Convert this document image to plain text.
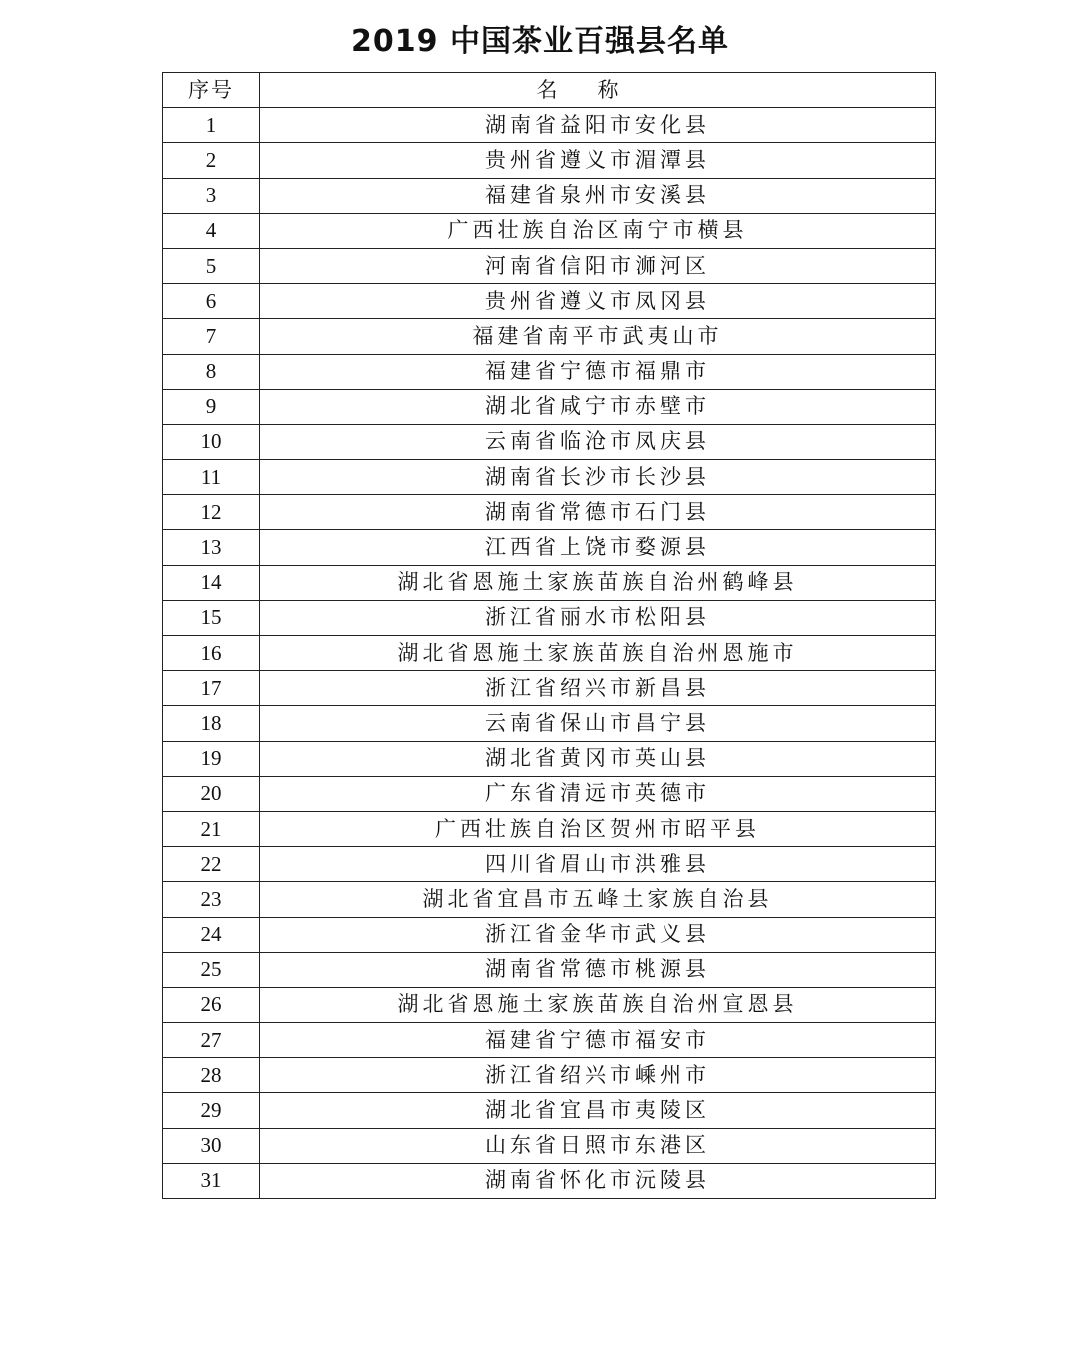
2019 中国茶业百强县名单
序号	名称
1	湖南省益阳市安化县
2	贵州省遵义市湄潭县
3	福建省泉州市安溪县
4	广西壮族自治区南宁市横县
5	河南省信阳市浉河区
6	贵州省遵义市凤冈县
7	福建省南平市武夷山市
8	福建省宁德市福鼎市
9	湖北省咸宁市赤壁市
10	云南省临沧市凤庆县
11	湖南省长沙市长沙县
12	湖南省常德市石门县
13	江西省上饶市婺源县
14	湖北省恩施土家族苗族自治州鹤峰县
15	浙江省丽水市松阳县
16	湖北省恩施土家族苗族自治州恩施市
17	浙江省绍兴市新昌县
18	云南省保山市昌宁县
19	湖北省黄冈市英山县
20	广东省清远市英德市
21	广西壮族自治区贺州市昭平县
22	四川省眉山市洪雅县
23	湖北省宜昌市五峰土家族自治县
24	浙江省金华市武义县
25	湖南省常德市桃源县
26	湖北省恩施土家族苗族自治州宣恩县
27	福建省宁德市福安市
28	浙江省绍兴市嵊州市
29	湖北省宜昌市夷陵区
30	山东省日照市东港区
31	湖南省怀化市沅陵县
